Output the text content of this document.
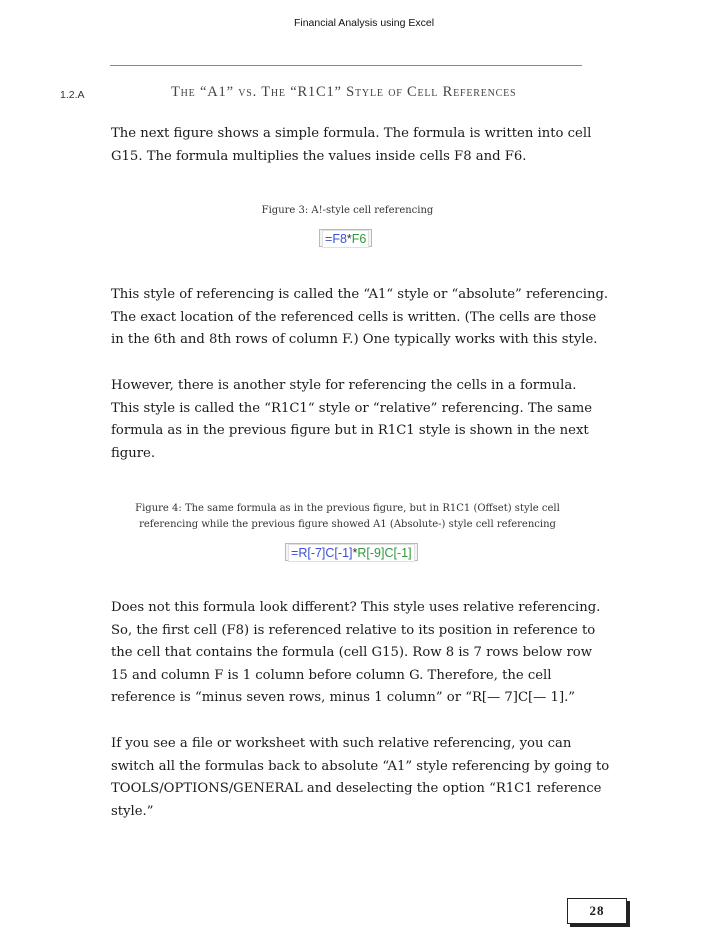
Financial Analysis using Excel
1.2.A	The “A1” vs. The “R1C1” Style of Cell References
The next figure shows a simple formula. The formula is written into cell
G15. The formula multiplies the values inside cells F8 and F6.
Figure 3: A!-style cell referencing
=F8*F6
This style of referencing is called the “A1“ style or “absolute” referencing.
The exact location of the referenced cells is written. (The cells are those
in the 6th and 8th rows of column F.) One typically works with this style.
However, there is another style for referencing the cells in a formula.
This style is called the “R1C1“ style or “relative” referencing. The same
formula as in the previous figure but in R1C1 style is shown in the next
figure.
Figure 4: The same formula as in the previous figure, but in R1C1 (Offset) style cell
referencing while the previous figure showed A1 (Absolute-) style cell referencing
=R[-7]C[-1]*R[-9]C[-1]
Does not this formula look different? This style uses relative referencing.
So, the first cell (F8) is referenced relative to its position in reference to
the cell that contains the formula (cell G15). Row 8 is 7 rows below row
15 and column F is 1 column before column G. Therefore, the cell
reference is “minus seven rows, minus 1 column” or “R[— 7]C[— 1].”
If you see a file or worksheet with such relative referencing, you can
switch all the formulas back to absolute “A1” style referencing by going to
TOOLS/OPTIONS/GENERAL and deselecting the option “R1C1 reference
style.”
28
